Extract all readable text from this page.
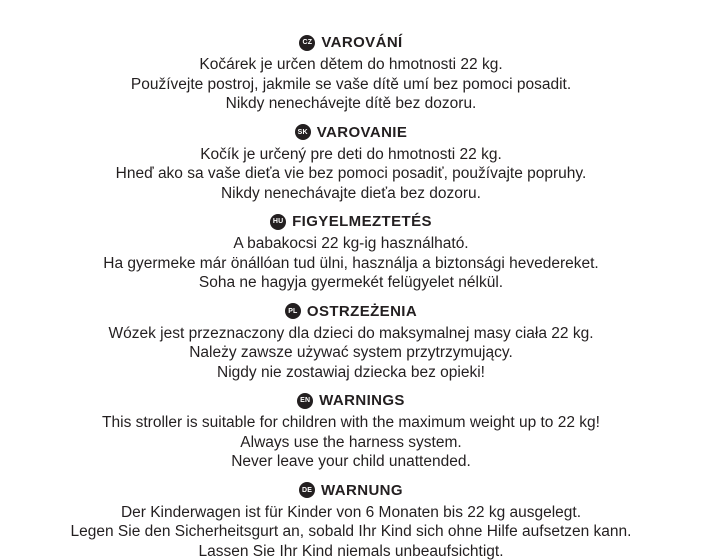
CZ VAROVÁNÍ

Kočárek je určen dětem do hmotnosti 22 kg.

Používejte postroj, jakmile se vaše dítě umí bez pomoci posadit.

Nikdy nenechávejte dítě bez dozoru.

SK VAROVANIE

Kočík je určený pre deti do hmotnosti 22 kg.

Hneď ako sa vaše dieťa vie bez pomoci posadiť, používajte popruhy.

Nikdy nenechávajte dieťa bez dozoru.

HU FIGYELMEZTETÉS

A babakocsi 22 kg-ig használható.

Ha gyermeke már önállóan tud ülni, használja a biztonsági hevedereket.

Soha ne hagyja gyermekét felügyelet nélkül.

PL OSTRZEŻENIA

Wózek jest przeznaczony dla dzieci do maksymalnej masy ciała 22 kg.

Należy zawsze używać system przytrzymujący.

Nigdy nie zostawiaj dziecka bez opieki!

EN WARNINGS

This stroller is suitable for children with the maximum weight up to 22 kg!

Always use the harness system.

Never leave your child unattended.

DE WARNUNG

Der Kinderwagen ist für Kinder von 6 Monaten bis 22 kg ausgelegt.

Legen Sie den Sicherheitsgurt an, sobald Ihr Kind sich ohne Hilfe aufsetzen kann.

Lassen Sie Ihr Kind niemals unbeaufsichtigt.
